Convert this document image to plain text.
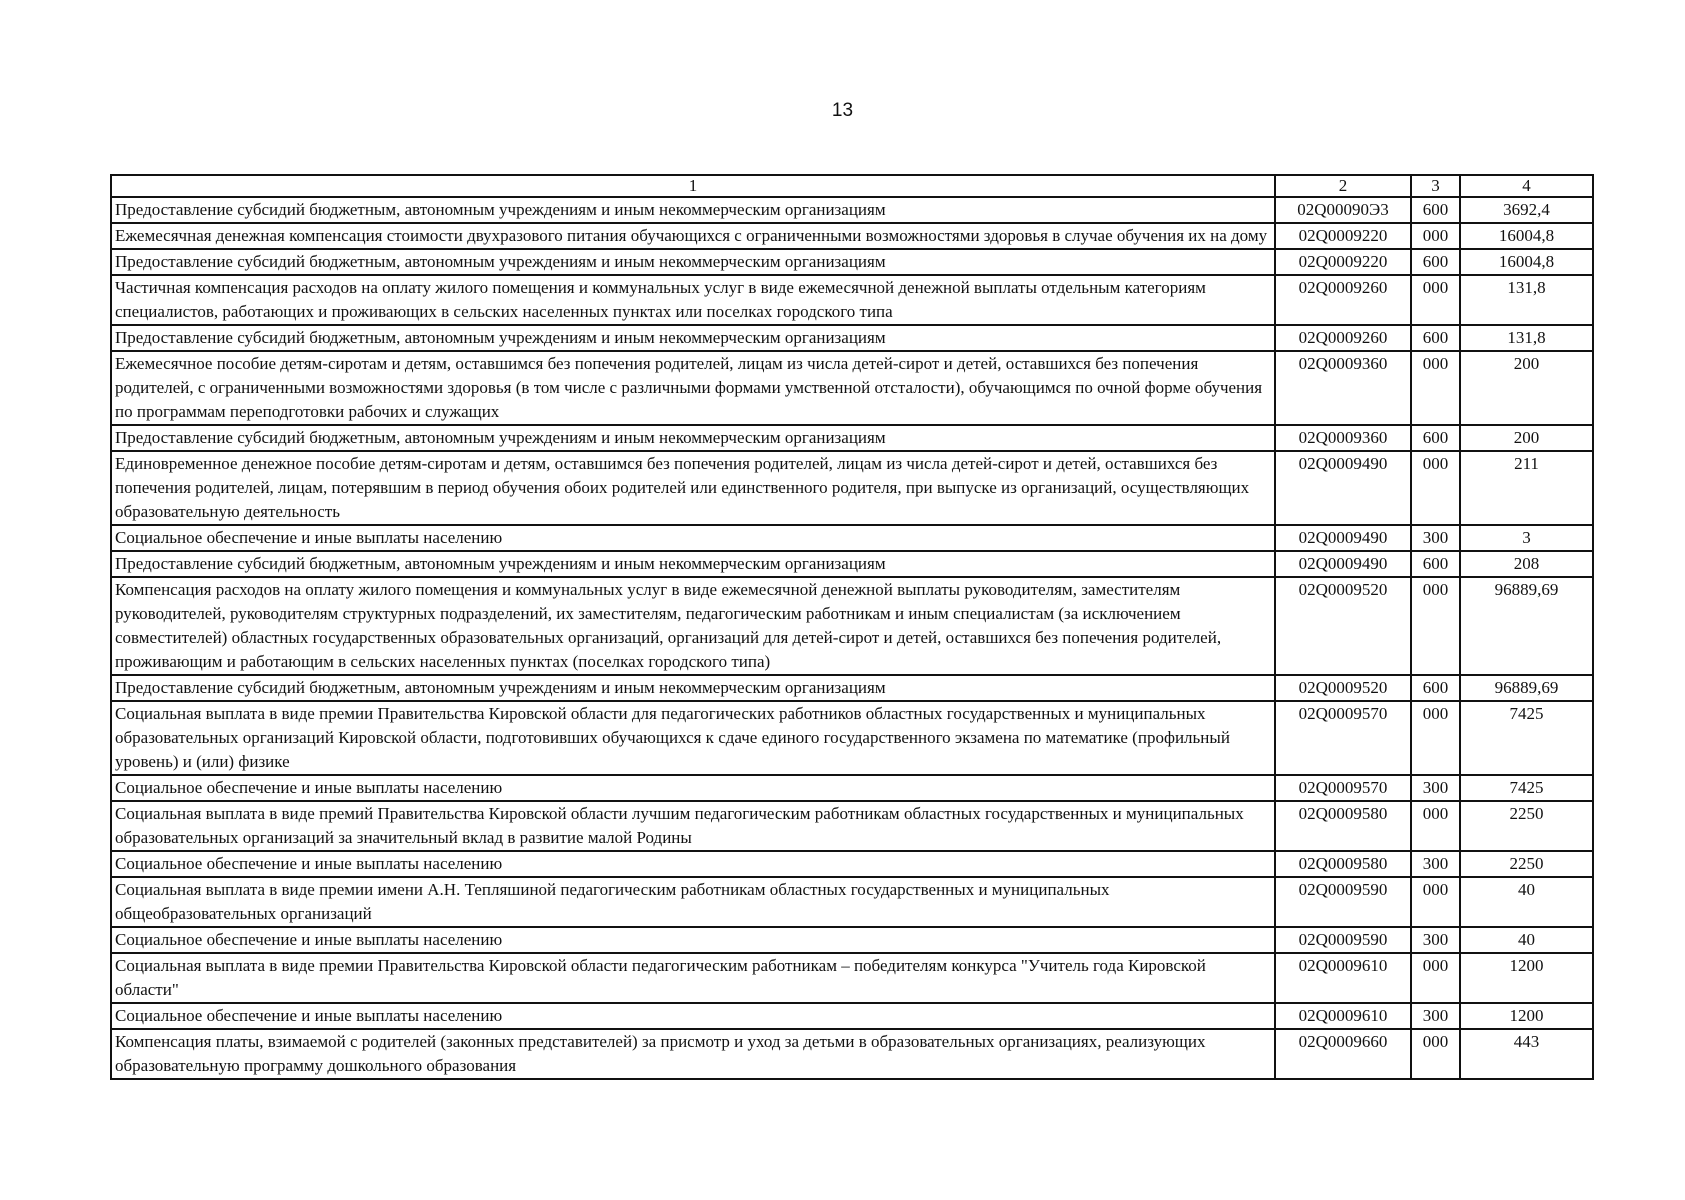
13
1	2	3	4
Предоставление субсидий бюджетным, автономным учреждениям и иным некоммерческим организациям	02Q00090Э3	600	3692,4
Ежемесячная денежная компенсация стоимости двухразового питания обучающихся с ограниченными возможностями здоровья в случае обучения их на дому	02Q0009220	000	16004,8
Предоставление субсидий бюджетным, автономным учреждениям и иным некоммерческим организациям	02Q0009220	600	16004,8
Частичная компенсация расходов на оплату жилого помещения и коммунальных услуг в виде ежемесячной денежной выплаты отдельным категориям специалистов, работающих и проживающих в сельских населенных пунктах или поселках городского типа	02Q0009260	000	131,8
Предоставление субсидий бюджетным, автономным учреждениям и иным некоммерческим организациям	02Q0009260	600	131,8
Ежемесячное пособие детям-сиротам и детям, оставшимся без попечения родителей, лицам из числа детей-сирот и детей, оставшихся без попечения родителей, с ограниченными возможностями здоровья (в том числе с различными формами умственной отсталости), обучающимся по очной форме обучения по программам переподготовки рабочих и служащих	02Q0009360	000	200
Предоставление субсидий бюджетным, автономным учреждениям и иным некоммерческим организациям	02Q0009360	600	200
Единовременное денежное пособие детям-сиротам и детям, оставшимся без попечения родителей, лицам из числа детей-сирот и детей, оставшихся без попечения родителей, лицам, потерявшим в период обучения обоих родителей или единственного родителя, при выпуске из организаций, осуществляющих образовательную деятельность	02Q0009490	000	211
Социальное обеспечение и иные выплаты населению	02Q0009490	300	3
Предоставление субсидий бюджетным, автономным учреждениям и иным некоммерческим организациям	02Q0009490	600	208
Компенсация расходов на оплату жилого помещения и коммунальных услуг в виде ежемесячной денежной выплаты руководителям, заместителям руководителей, руководителям структурных подразделений, их заместителям, педагогическим работникам и иным специалистам (за исключением совместителей) областных государственных образовательных организаций, организаций для детей-сирот и детей, оставшихся без попечения родителей, проживающим и работающим в сельских населенных пунктах (поселках городского типа)	02Q0009520	000	96889,69
Предоставление субсидий бюджетным, автономным учреждениям и иным некоммерческим организациям	02Q0009520	600	96889,69
Социальная выплата в виде премии Правительства Кировской области для педагогических работников областных государственных и муниципальных образовательных организаций Кировской области, подготовивших обучающихся к сдаче единого государственного экзамена по математике (профильный уровень) и (или) физике	02Q0009570	000	7425
Социальное обеспечение и иные выплаты населению	02Q0009570	300	7425
Социальная выплата в виде премий Правительства Кировской области лучшим педагогическим работникам областных государственных и муниципальных образовательных организаций за значительный вклад в развитие малой Родины	02Q0009580	000	2250
Социальное обеспечение и иные выплаты населению	02Q0009580	300	2250
Социальная выплата в виде премии имени А.Н. Тепляшиной педагогическим работникам областных государственных и муниципальных общеобразовательных организаций	02Q0009590	000	40
Социальное обеспечение и иные выплаты населению	02Q0009590	300	40
Социальная выплата в виде премии Правительства Кировской области педагогическим работникам – победителям конкурса "Учитель года Кировской области"	02Q0009610	000	1200
Социальное обеспечение и иные выплаты населению	02Q0009610	300	1200
Компенсация платы, взимаемой с родителей (законных представителей) за присмотр и уход за детьми в образовательных организациях, реализующих образовательную программу дошкольного образования	02Q0009660	000	443
